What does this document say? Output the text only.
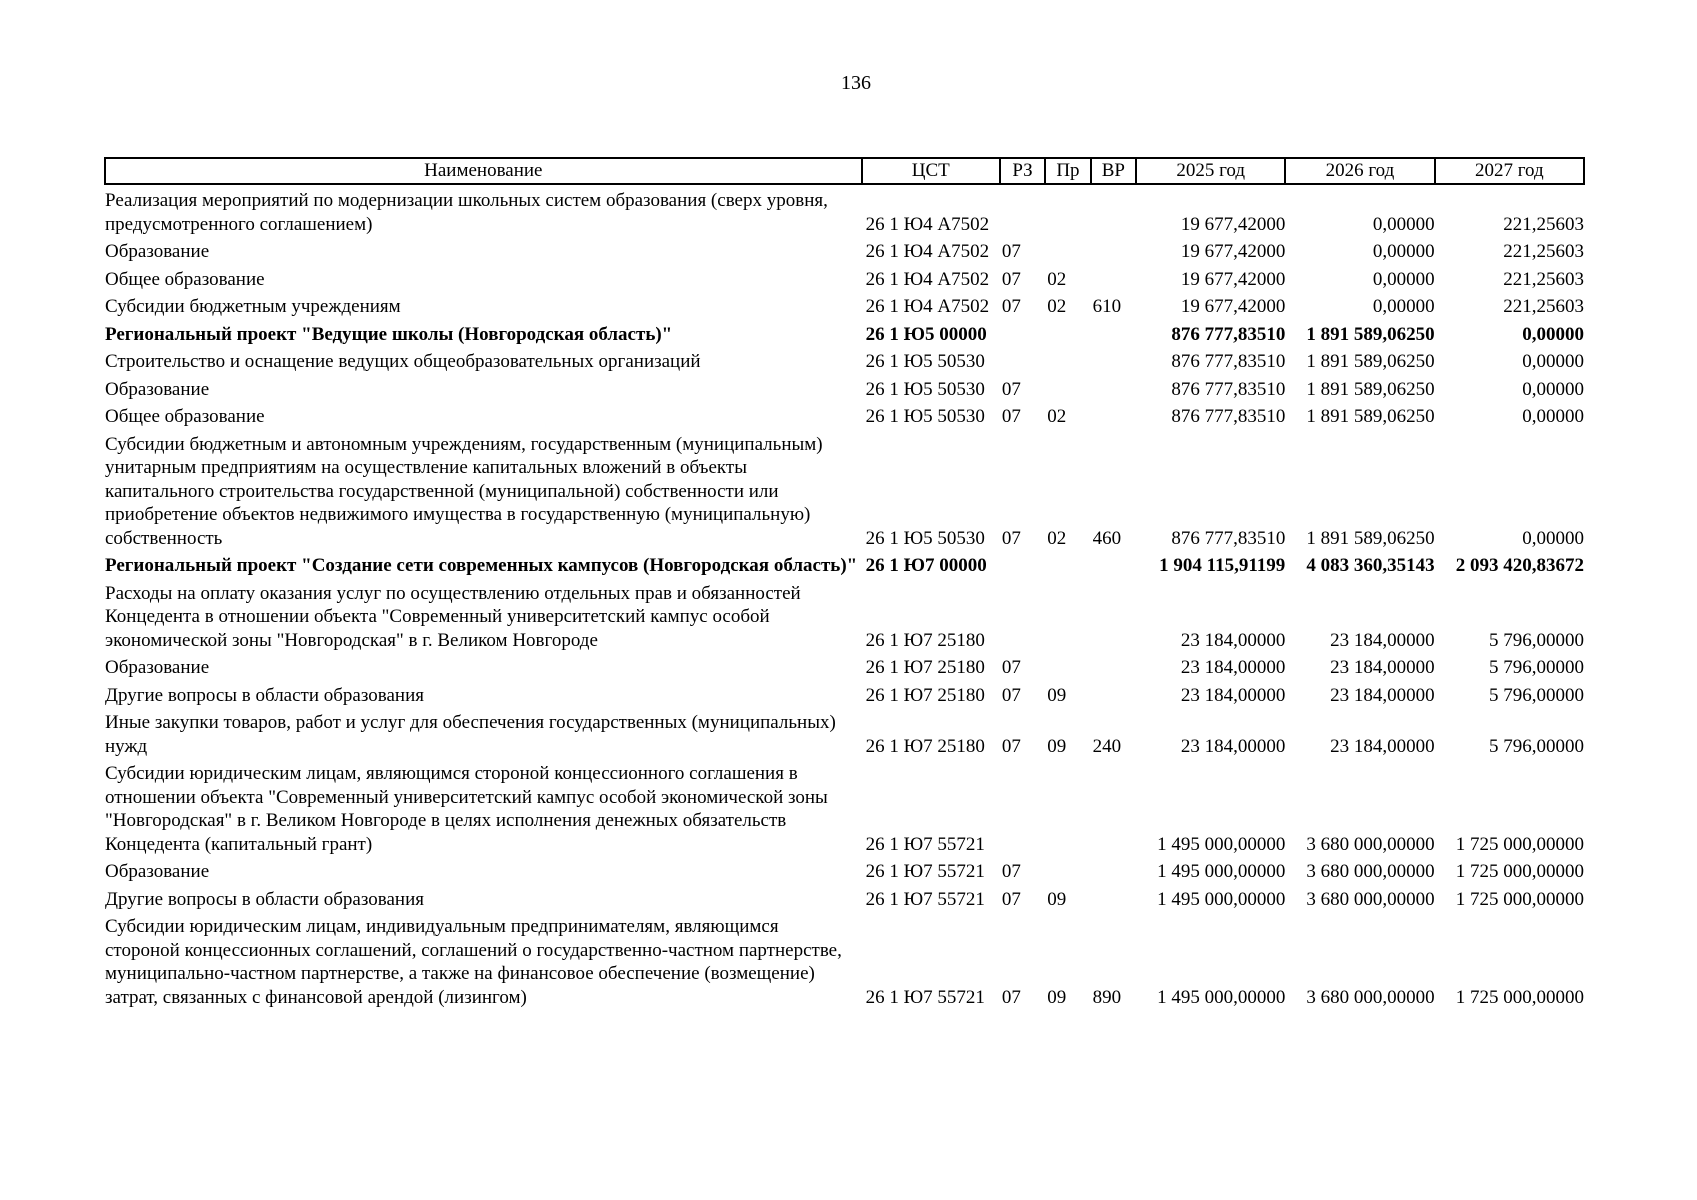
136
Наименование	ЦСТ	РЗ	Пр	ВР	2025 год	2026 год	2027 год
Реализация мероприятий по модернизации школьных систем образования (сверх уровня, предусмотренного соглашением)	26 1 Ю4 А7502				19 677,42000	0,00000	221,25603
Образование	26 1 Ю4 А7502	07			19 677,42000	0,00000	221,25603
Общее образование	26 1 Ю4 А7502	07	02		19 677,42000	0,00000	221,25603
Субсидии бюджетным учреждениям	26 1 Ю4 А7502	07	02	610	19 677,42000	0,00000	221,25603
Региональный проект "Ведущие школы (Новгородская область)"	26 1 Ю5 00000				876 777,83510	1 891 589,06250	0,00000
Строительство и оснащение ведущих общеобразовательных организаций	26 1 Ю5 50530				876 777,83510	1 891 589,06250	0,00000
Образование	26 1 Ю5 50530	07			876 777,83510	1 891 589,06250	0,00000
Общее образование	26 1 Ю5 50530	07	02		876 777,83510	1 891 589,06250	0,00000
Субсидии бюджетным и автономным учреждениям, государственным (муниципальным) унитарным предприятиям на осуществление капитальных вложений в объекты капитального строительства государственной (муниципальной) собственности или приобретение объектов недвижимого имущества в государственную (муниципальную) собственность	26 1 Ю5 50530	07	02	460	876 777,83510	1 891 589,06250	0,00000
Региональный проект "Создание сети современных кампусов (Новгородская область)"	26 1 Ю7 00000				1 904 115,91199	4 083 360,35143	2 093 420,83672
Расходы на оплату оказания услуг по осуществлению отдельных прав и обязанностей Концедента в отношении объекта "Современный университетский кампус особой экономической зоны "Новгородская" в г. Великом Новгороде	26 1 Ю7 25180				23 184,00000	23 184,00000	5 796,00000
Образование	26 1 Ю7 25180	07			23 184,00000	23 184,00000	5 796,00000
Другие вопросы в области образования	26 1 Ю7 25180	07	09		23 184,00000	23 184,00000	5 796,00000
Иные закупки товаров, работ и услуг для обеспечения государственных (муниципальных) нужд	26 1 Ю7 25180	07	09	240	23 184,00000	23 184,00000	5 796,00000
Субсидии юридическим лицам, являющимся стороной концессионного соглашения в отношении объекта "Современный университетский кампус особой экономической зоны "Новгородская" в г. Великом Новгороде в целях исполнения денежных обязательств Концедента (капитальный грант)	26 1 Ю7 55721				1 495 000,00000	3 680 000,00000	1 725 000,00000
Образование	26 1 Ю7 55721	07			1 495 000,00000	3 680 000,00000	1 725 000,00000
Другие вопросы в области образования	26 1 Ю7 55721	07	09		1 495 000,00000	3 680 000,00000	1 725 000,00000
Субсидии юридическим лицам, индивидуальным предпринимателям, являющимся стороной концессионных соглашений, соглашений о государственно-частном партнерстве, муниципально-частном партнерстве, а также на финансовое обеспечение (возмещение) затрат, связанных с финансовой арендой (лизингом)	26 1 Ю7 55721	07	09	890	1 495 000,00000	3 680 000,00000	1 725 000,00000
